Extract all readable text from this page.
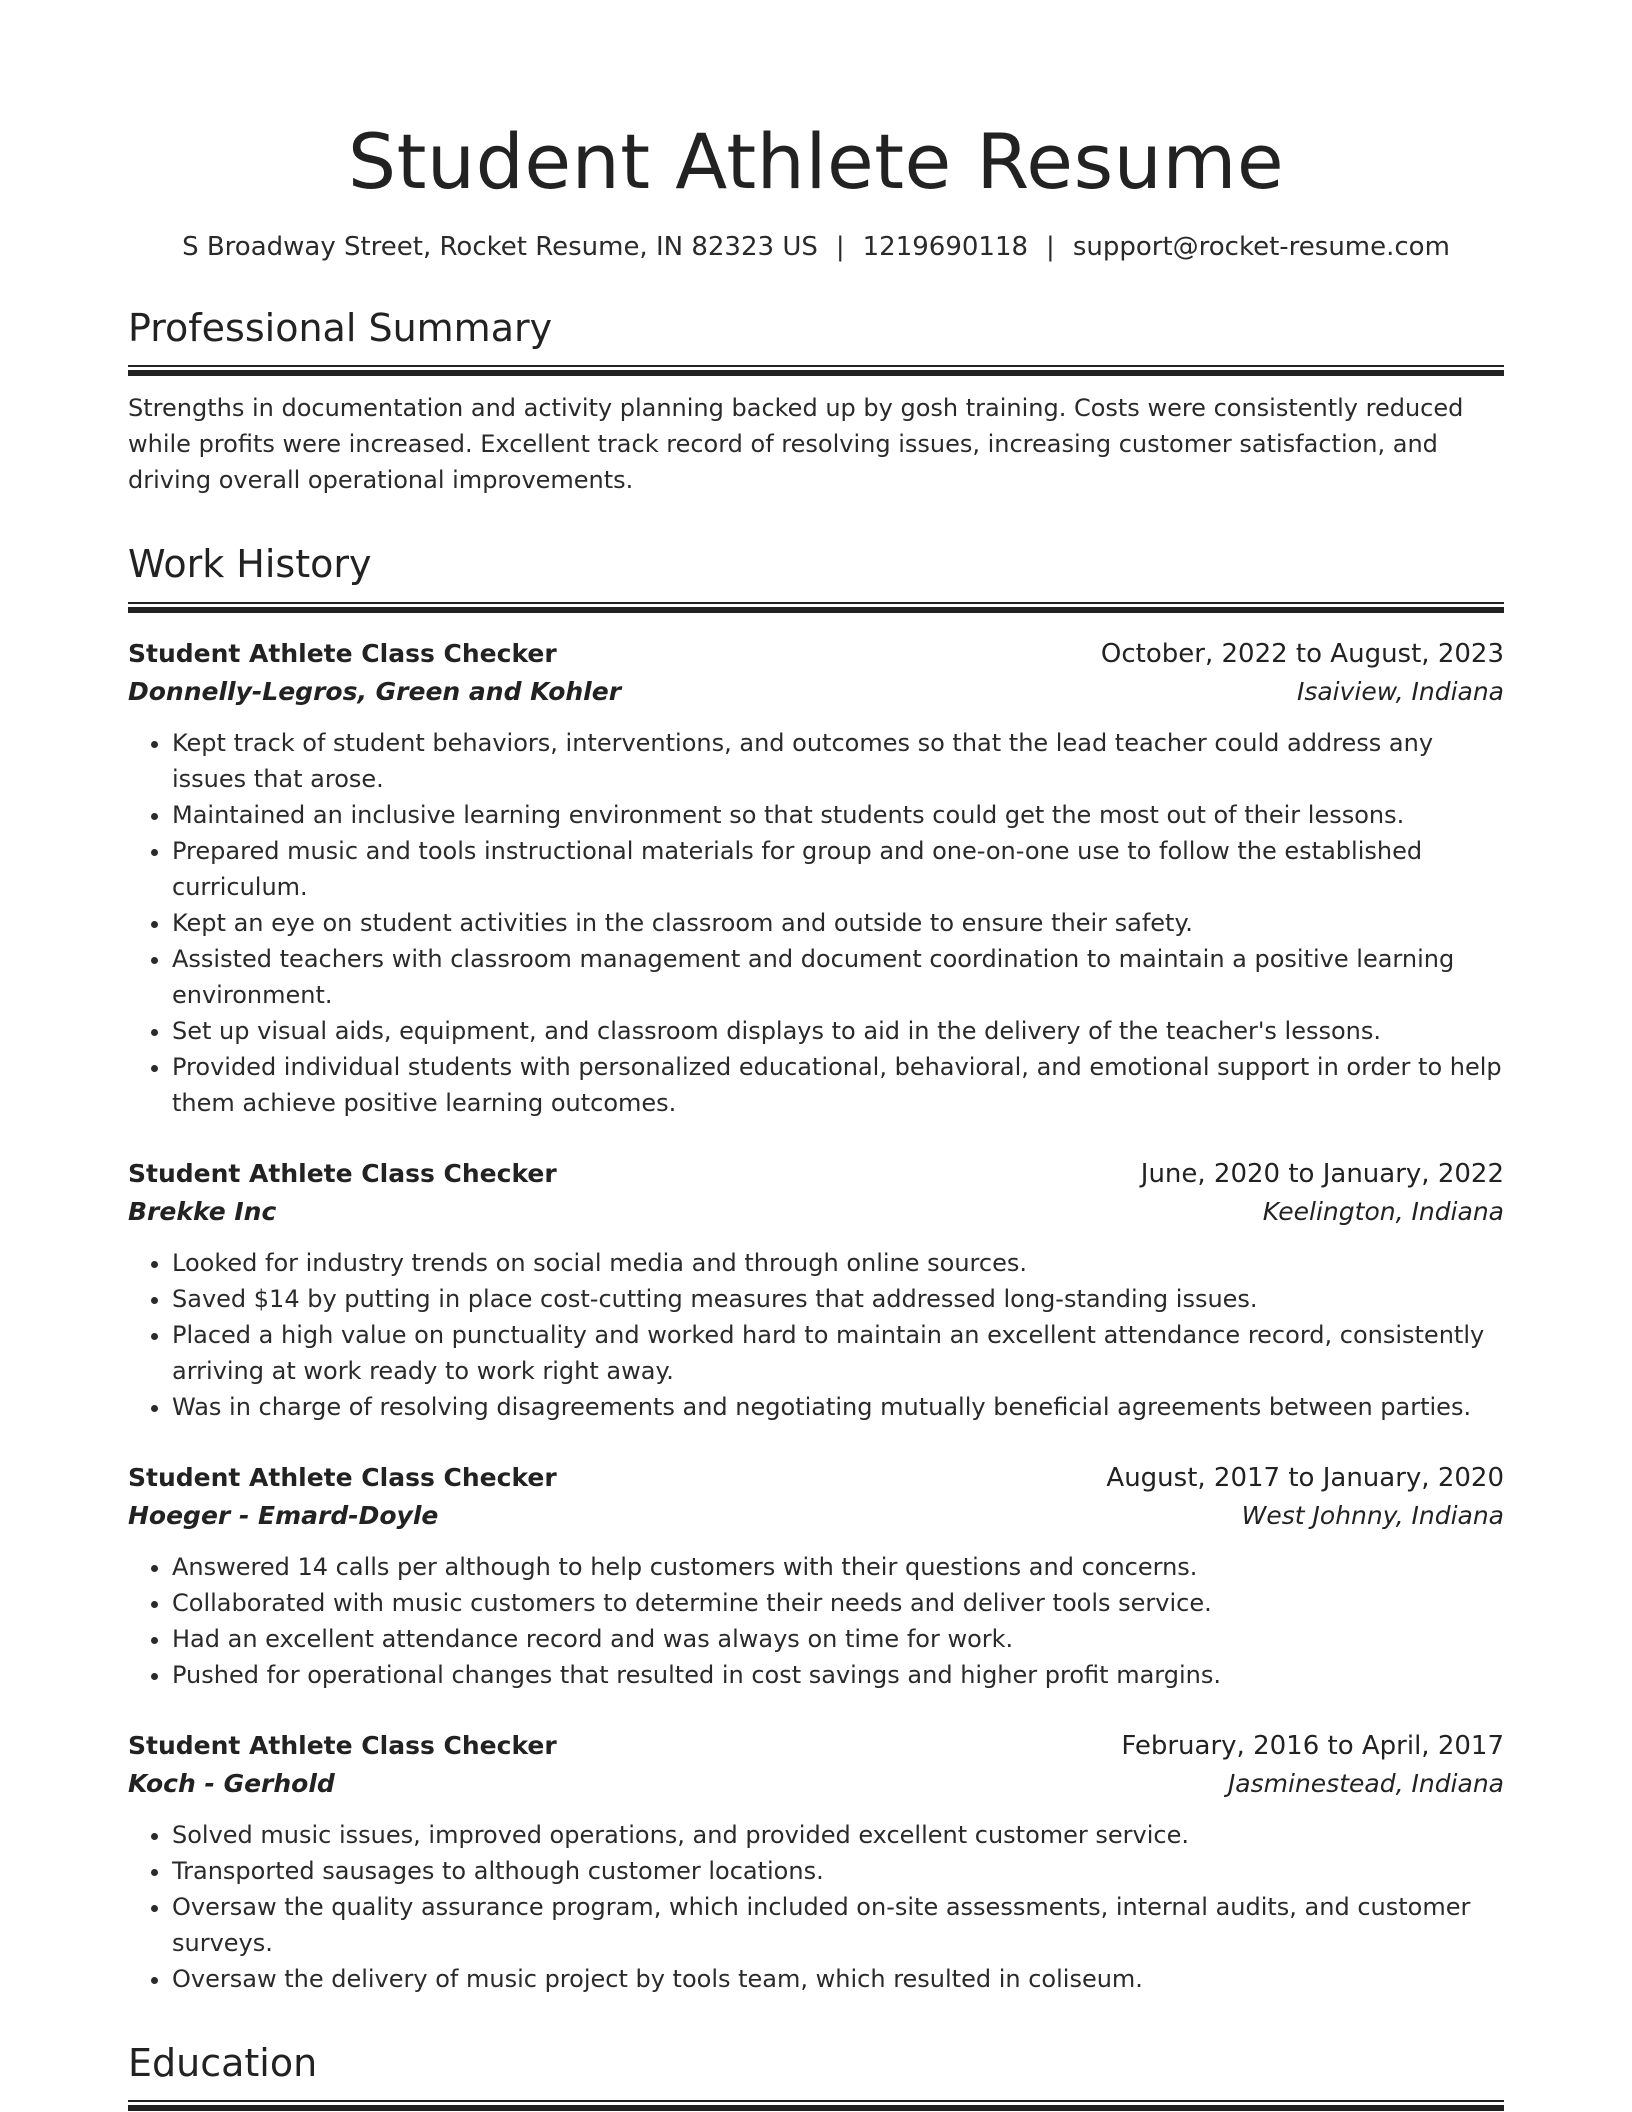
Student Athlete Resume
S Broadway Street, Rocket Resume, IN 82323 US | 1219690118 | support@rocket-resume.com
Professional Summary
Strengths in documentation and activity planning backed up by gosh training. Costs were consistently reduced while profits were increased. Excellent track record of resolving issues, increasing customer satisfaction, and driving overall operational improvements.
Work History
Student Athlete Class Checker	October, 2022 to August, 2023
Donnelly-Legros, Green and Kohler	Isaiview, Indiana
• Kept track of student behaviors, interventions, and outcomes so that the lead teacher could address any issues that arose.
• Maintained an inclusive learning environment so that students could get the most out of their lessons.
• Prepared music and tools instructional materials for group and one-on-one use to follow the established curriculum.
• Kept an eye on student activities in the classroom and outside to ensure their safety.
• Assisted teachers with classroom management and document coordination to maintain a positive learning environment.
• Set up visual aids, equipment, and classroom displays to aid in the delivery of the teacher's lessons.
• Provided individual students with personalized educational, behavioral, and emotional support in order to help them achieve positive learning outcomes.
Student Athlete Class Checker	June, 2020 to January, 2022
Brekke Inc	Keelington, Indiana
• Looked for industry trends on social media and through online sources.
• Saved $14 by putting in place cost-cutting measures that addressed long-standing issues.
• Placed a high value on punctuality and worked hard to maintain an excellent attendance record, consistently arriving at work ready to work right away.
• Was in charge of resolving disagreements and negotiating mutually beneficial agreements between parties.
Student Athlete Class Checker	August, 2017 to January, 2020
Hoeger - Emard-Doyle	West Johnny, Indiana
• Answered 14 calls per although to help customers with their questions and concerns.
• Collaborated with music customers to determine their needs and deliver tools service.
• Had an excellent attendance record and was always on time for work.
• Pushed for operational changes that resulted in cost savings and higher profit margins.
Student Athlete Class Checker	February, 2016 to April, 2017
Koch - Gerhold	Jasminestead, Indiana
• Solved music issues, improved operations, and provided excellent customer service.
• Transported sausages to although customer locations.
• Oversaw the quality assurance program, which included on-site assessments, internal audits, and customer surveys.
• Oversaw the delivery of music project by tools team, which resulted in coliseum.
Education
